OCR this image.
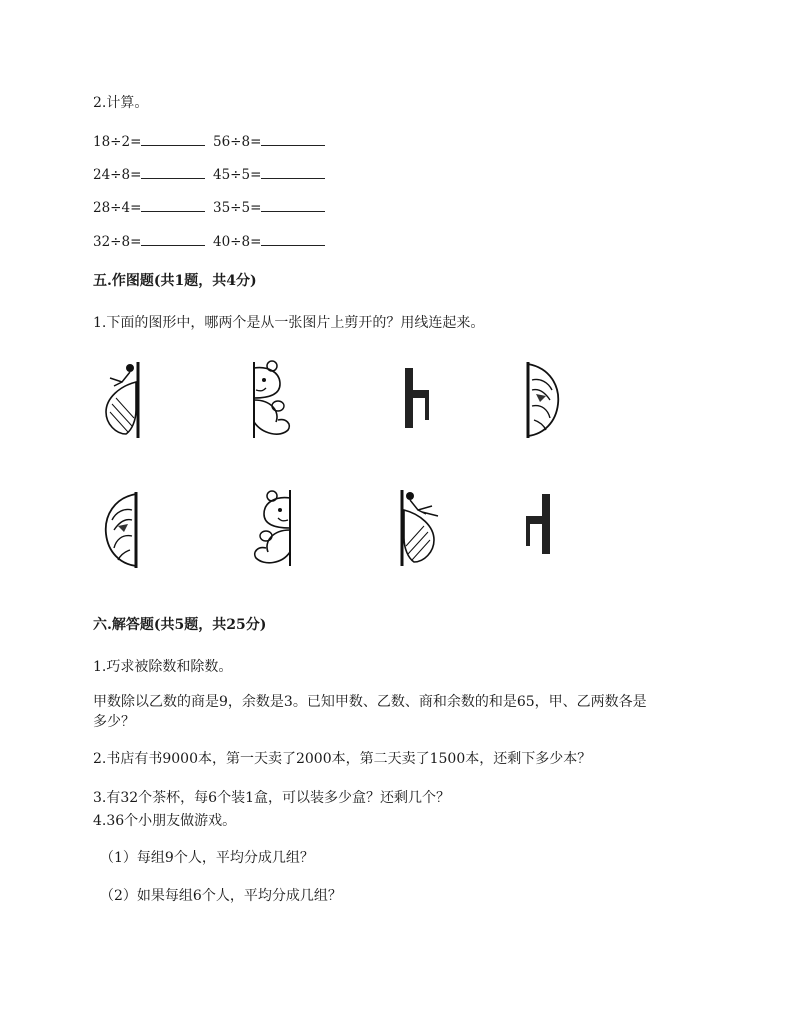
2.计算。
18÷2=	56÷8=
24÷8=	45÷5=
28÷4=	35÷5=
32÷8=	40÷8=
五.作图题(共1题，共4分)
1.下面的图形中，哪两个是从一张图片上剪开的？用线连起来。
六.解答题(共5题，共25分)
1.巧求被除数和除数。
甲数除以乙数的商是9，余数是3。已知甲数、乙数、商和余数的和是65，甲、乙两数各是
多少？
2.书店有书9000本，第一天卖了2000本，第二天卖了1500本，还剩下多少本？
3.有32个茶杯，每6个装1盒，可以装多少盒？还剩几个？
4.36个小朋友做游戏。
（1）每组9个人，平均分成几组？
（2）如果每组6个人，平均分成几组？
